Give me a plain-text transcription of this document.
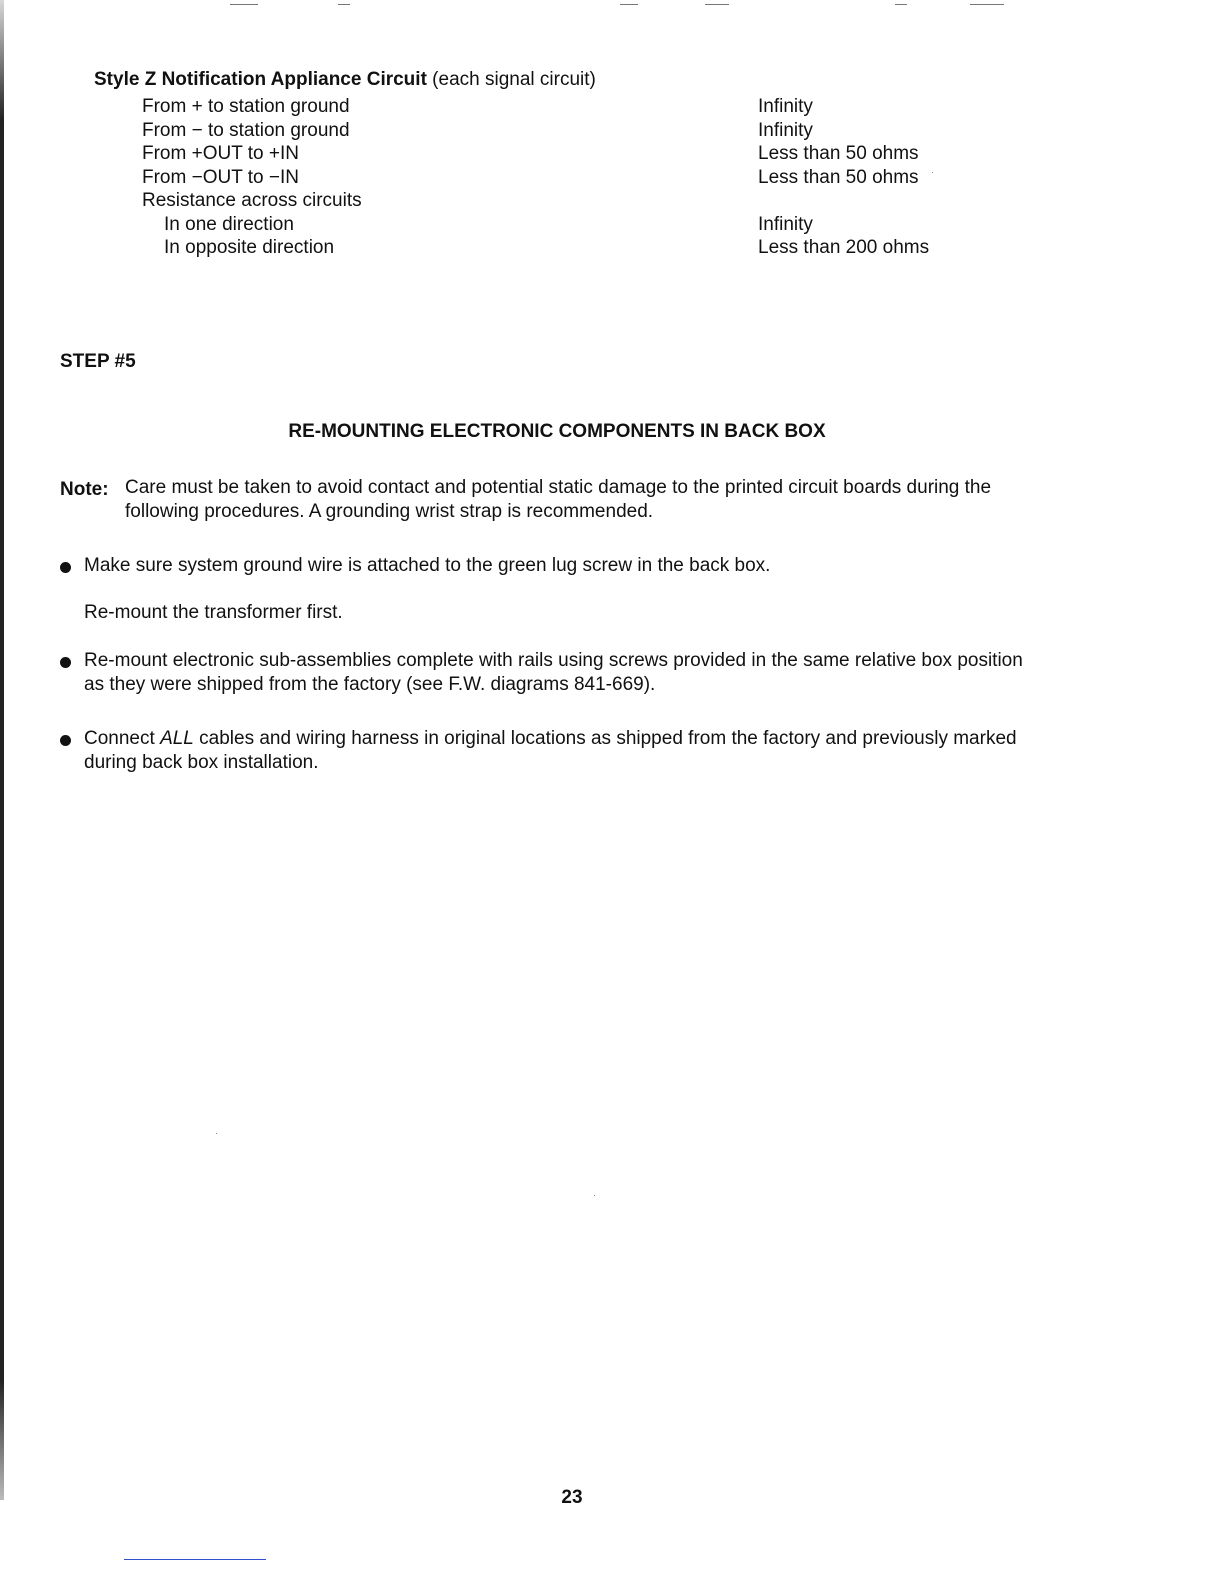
Style Z Notification Appliance Circuit (each signal circuit)
From + to station ground	Infinity
From − to station ground	Infinity
From +OUT to +IN	Less than 50 ohms
From −OUT to −IN	Less than 50 ohms
Resistance across circuits
In one direction	Infinity
In opposite direction	Less than 200 ohms
STEP #5
RE-MOUNTING ELECTRONIC COMPONENTS IN BACK BOX
Note: Care must be taken to avoid contact and potential static damage to the printed circuit boards during the
following procedures. A grounding wrist strap is recommended.
Make sure system ground wire is attached to the green lug screw in the back box.
Re-mount the transformer first.
Re-mount electronic sub-assemblies complete with rails using screws provided in the same relative box position
as they were shipped from the factory (see F.W. diagrams 841-669).
Connect ALL cables and wiring harness in original locations as shipped from the factory and previously marked
during back box installation.
23
